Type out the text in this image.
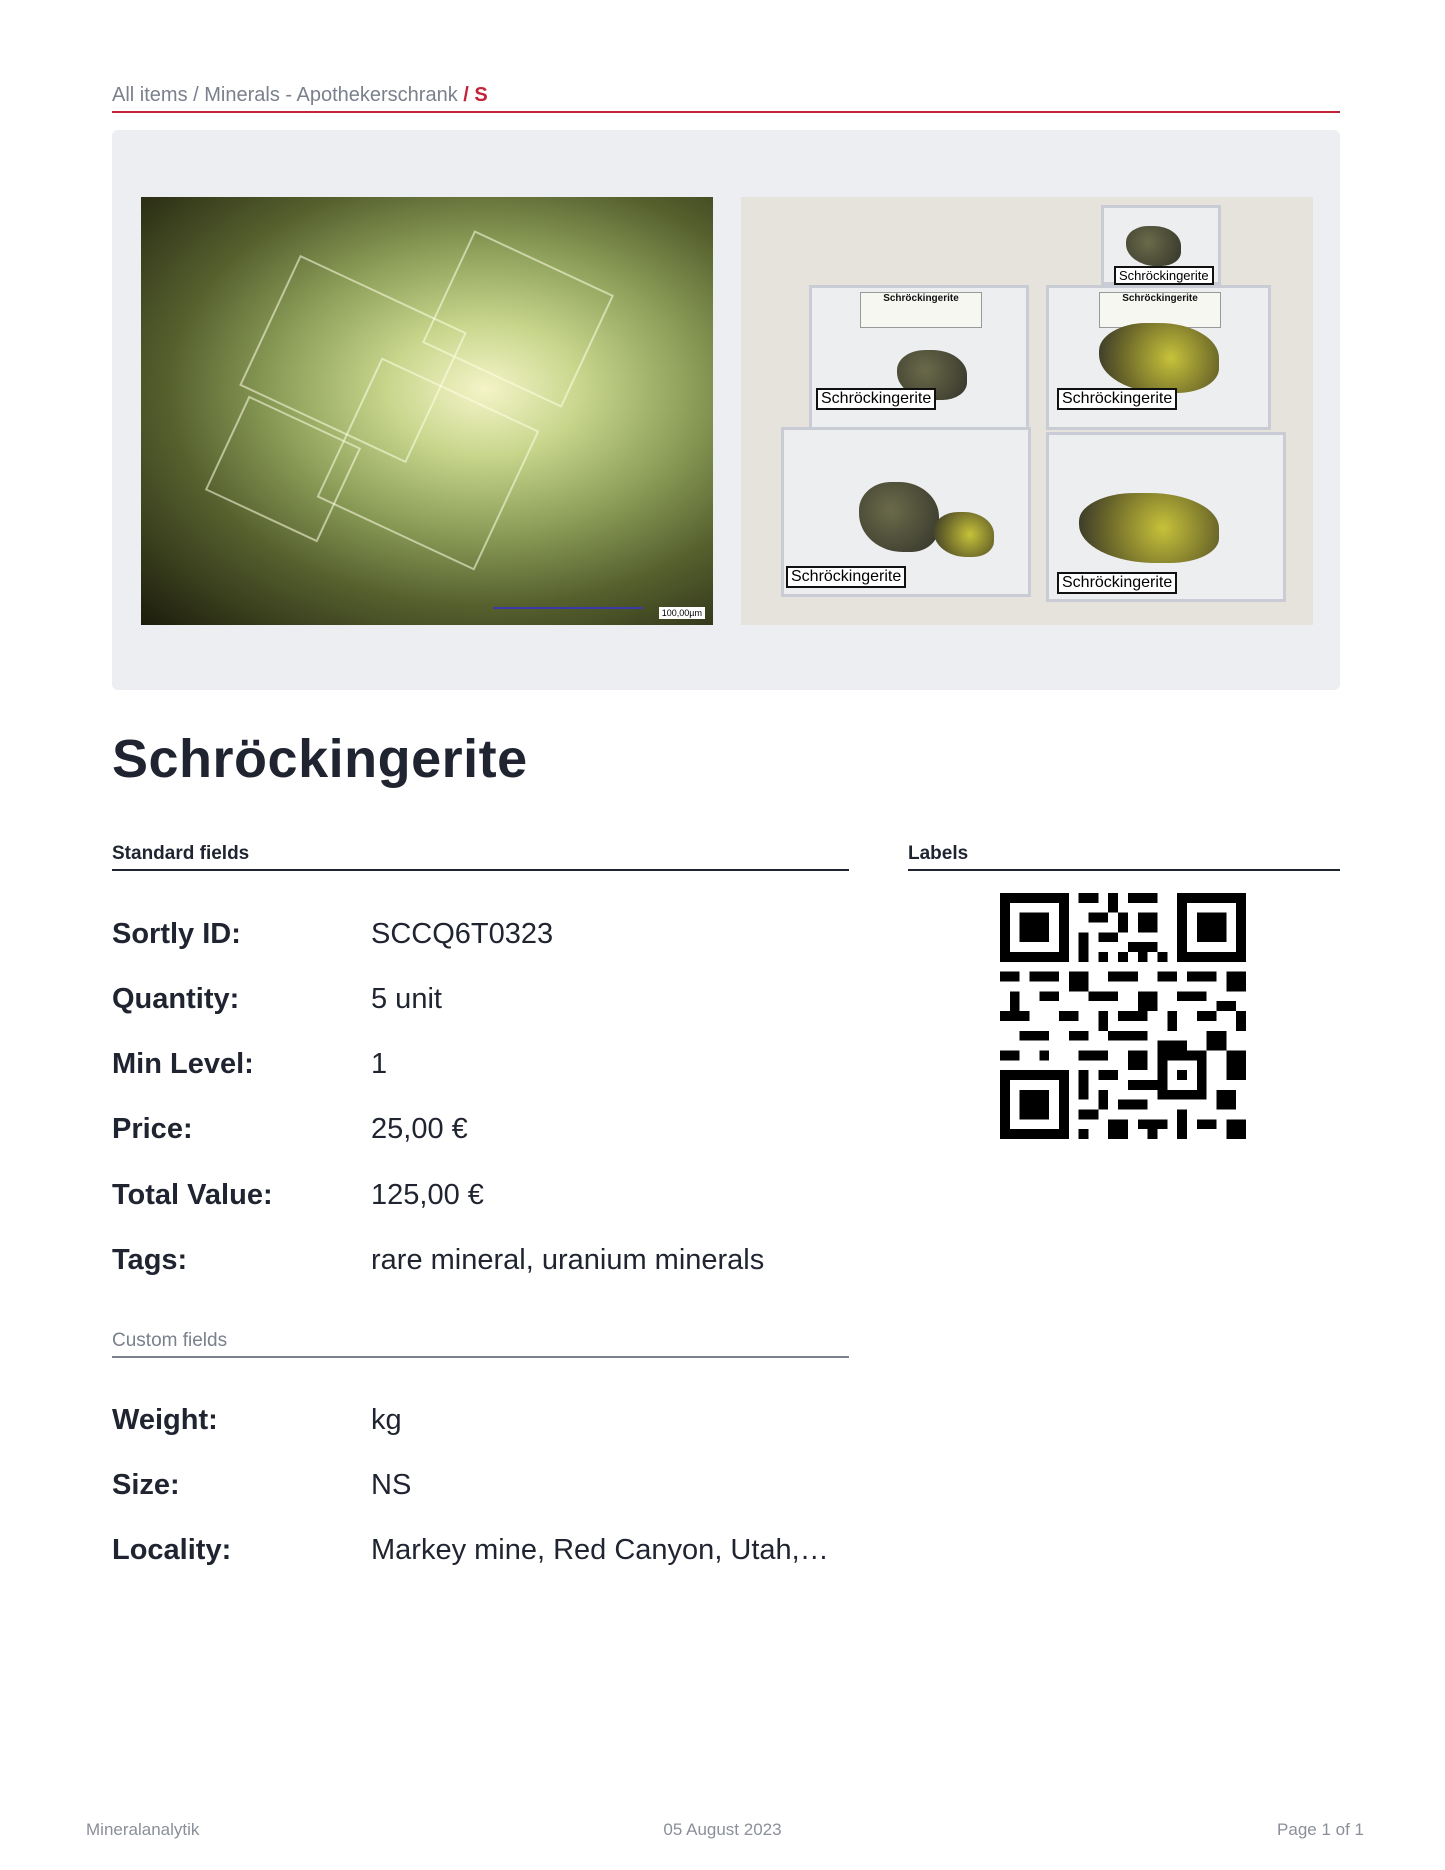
All items / Minerals - Apothekerschrank / S
100,00µm
Schröckingerite
Schröckingerite
Schröckingerite
Schröckingerite
Schröckingerite
Schröckingerite	Schröckingerite
Schröckingerite
Standard fields	Labels
Sortly ID:	SCCQ6T0323
Quantity:	5 unit
Min Level:	1
Price:	25,00 €
Total Value:	125,00 €
Tags:	rare mineral, uranium minerals
Custom fields
Weight:	kg
Size:	NS
Locality:	Markey mine, Red Canyon, Utah,…
Mineralanalytik	05 August 2023	Page 1 of 1
